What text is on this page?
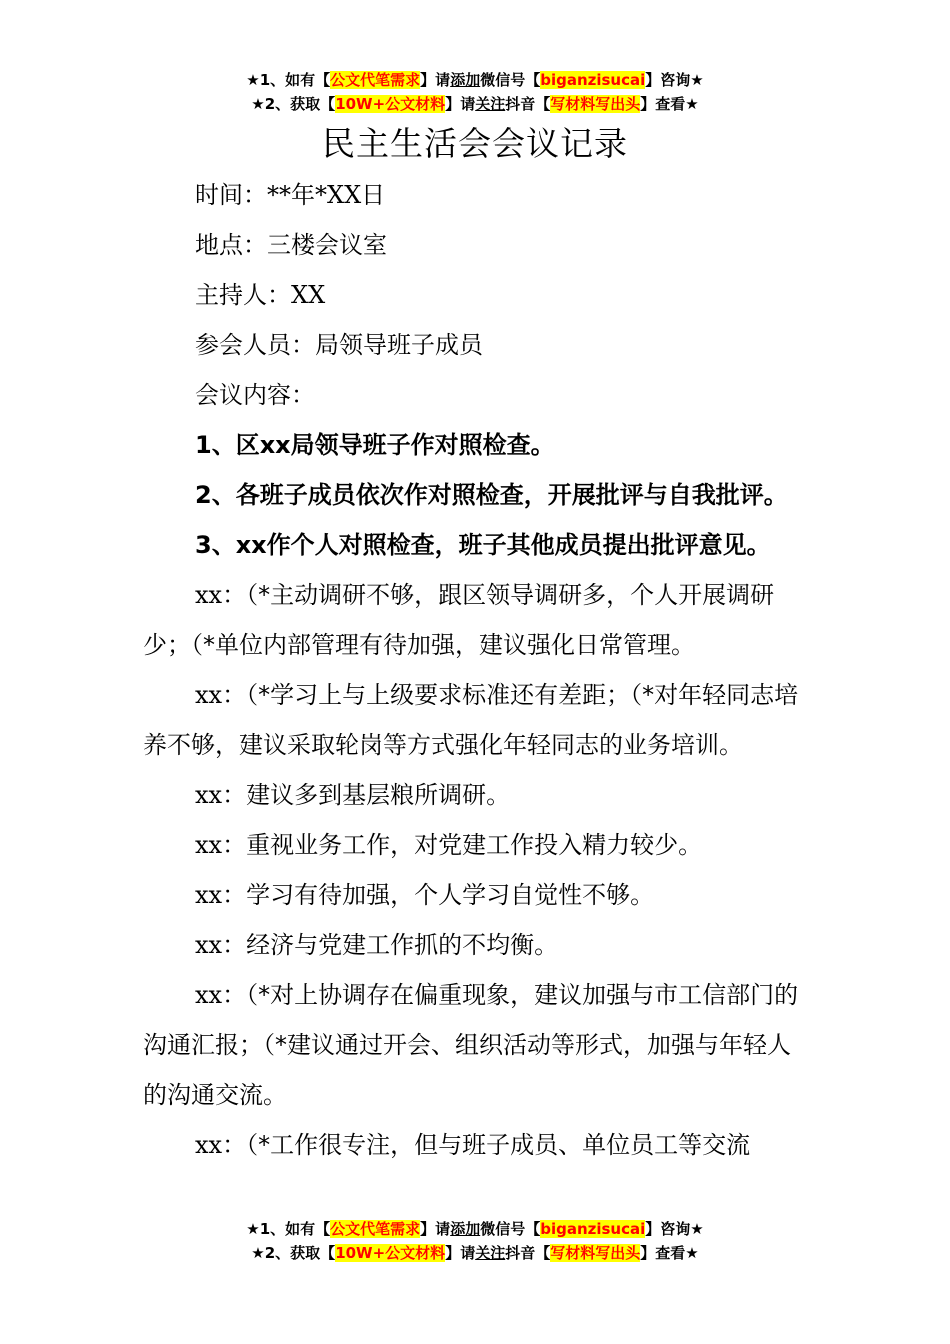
★1、如有【公文代笔需求】请添加微信号【biganzisucai】咨询★
★2、获取【10W+公文材料】请关注抖音【写材料写出头】查看★
民主生活会会议记录

时间：**年*XX日

地点：三楼会议室

主持人：XX

参会人员：局领导班子成员

会议内容：

1、区xx局领导班子作对照检查。

2、各班子成员依次作对照检查，开展批评与自我批评。

3、xx作个人对照检查，班子其他成员提出批评意见。

xx：（*主动调研不够，跟区领导调研多，个人开展调研少；（*单位内部管理有待加强，建议强化日常管理。

xx：（*学习上与上级要求标准还有差距；（*对年轻同志培养不够，建议采取轮岗等方式强化年轻同志的业务培训。

xx：建议多到基层粮所调研。

xx：重视业务工作，对党建工作投入精力较少。

xx：学习有待加强，个人学习自觉性不够。

xx：经济与党建工作抓的不均衡。

xx：（*对上协调存在偏重现象，建议加强与市工信部门的沟通汇报；（*建议通过开会、组织活动等形式，加强与年轻人的沟通交流。

xx：（*工作很专注，但与班子成员、单位员工等交流

★1、如有【公文代笔需求】请添加微信号【biganzisucai】咨询★
★2、获取【10W+公文材料】请关注抖音【写材料写出头】查看★
